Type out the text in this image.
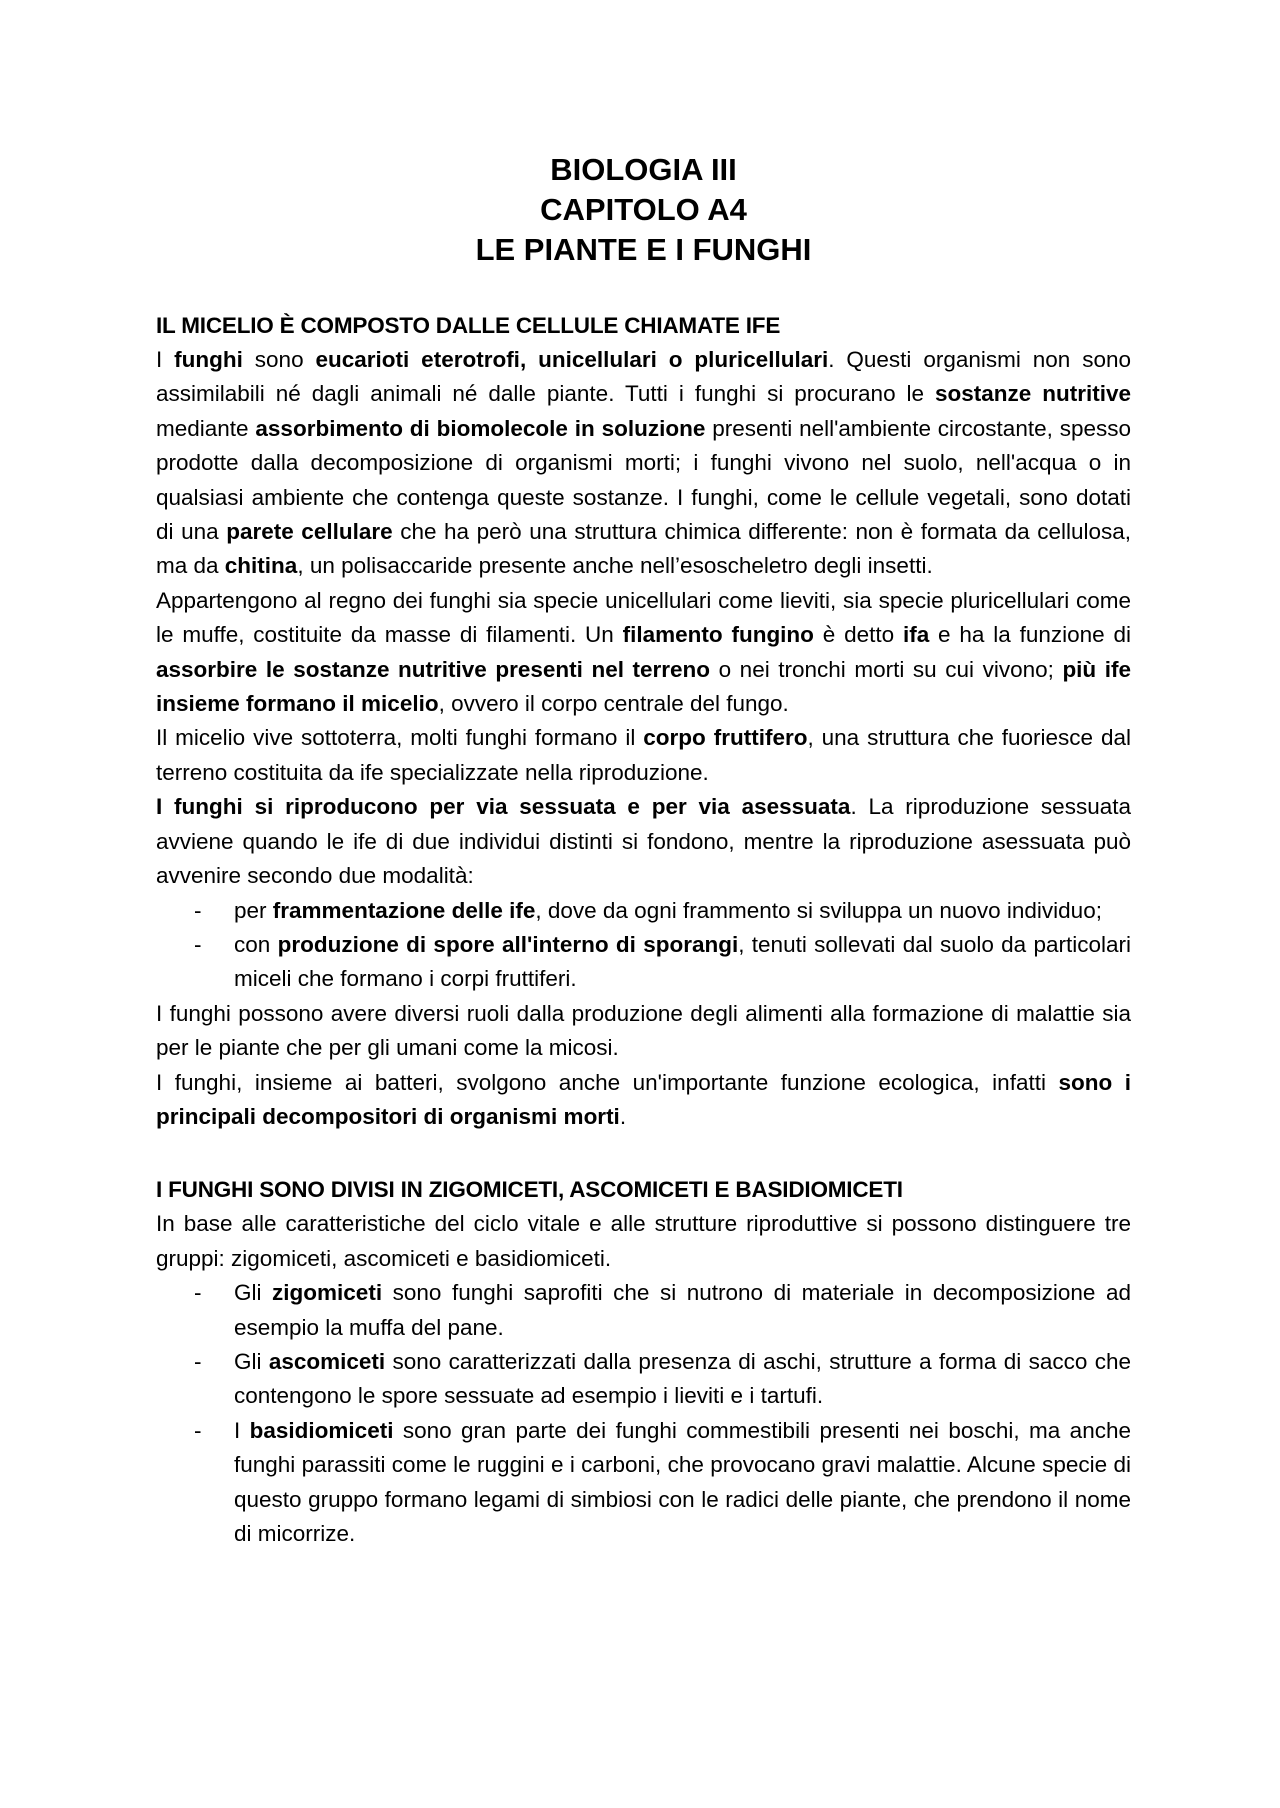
BIOLOGIA III
CAPITOLO A4
LE PIANTE E I FUNGHI
IL MICELIO È COMPOSTO DALLE CELLULE CHIAMATE IFE

I funghi sono eucarioti eterotrofi, unicellulari o pluricellulari. Questi organismi non sono assimilabili né dagli animali né dalle piante. Tutti i funghi si procurano le sostanze nutritive mediante assorbimento di biomolecole in soluzione presenti nell'ambiente circostante, spesso prodotte dalla decomposizione di organismi morti; i funghi vivono nel suolo, nell'acqua o in qualsiasi ambiente che contenga queste sostanze. I funghi, come le cellule vegetali, sono dotati di una parete cellulare che ha però una struttura chimica differente: non è formata da cellulosa, ma da chitina, un polisaccaride presente anche nell’esoscheletro degli insetti.

Appartengono al regno dei funghi sia specie unicellulari come lieviti, sia specie pluricellulari come le muffe, costituite da masse di filamenti. Un filamento fungino è detto ifa e ha la funzione di assorbire le sostanze nutritive presenti nel terreno o nei tronchi morti su cui vivono; più ife insieme formano il micelio, ovvero il corpo centrale del fungo.

Il micelio vive sottoterra, molti funghi formano il corpo fruttifero, una struttura che fuoriesce dal terreno costituita da ife specializzate nella riproduzione.

I funghi si riproducono per via sessuata e per via asessuata. La riproduzione sessuata avviene quando le ife di due individui distinti si fondono, mentre la riproduzione asessuata può avvenire secondo due modalità:

- per frammentazione delle ife, dove da ogni frammento si sviluppa un nuovo individuo;
- con produzione di spore all'interno di sporangi, tenuti sollevati dal suolo da particolari miceli che formano i corpi fruttiferi.

I funghi possono avere diversi ruoli dalla produzione degli alimenti alla formazione di malattie sia per le piante che per gli umani come la micosi.

I funghi, insieme ai batteri, svolgono anche un'importante funzione ecologica, infatti sono i principali decompositori di organismi morti.

I FUNGHI SONO DIVISI IN ZIGOMICETI, ASCOMICETI E BASIDIOMICETI

In base alle caratteristiche del ciclo vitale e alle strutture riproduttive si possono distinguere tre gruppi: zigomiceti, ascomiceti e basidiomiceti.

- Gli zigomiceti sono funghi saprofiti che si nutrono di materiale in decomposizione ad esempio la muffa del pane.
- Gli ascomiceti sono caratterizzati dalla presenza di aschi, strutture a forma di sacco che contengono le spore sessuate ad esempio i lieviti e i tartufi.
- I basidiomiceti sono gran parte dei funghi commestibili presenti nei boschi, ma anche funghi parassiti come le ruggini e i carboni, che provocano gravi malattie. Alcune specie di questo gruppo formano legami di simbiosi con le radici delle piante, che prendono il nome di micorrize.
